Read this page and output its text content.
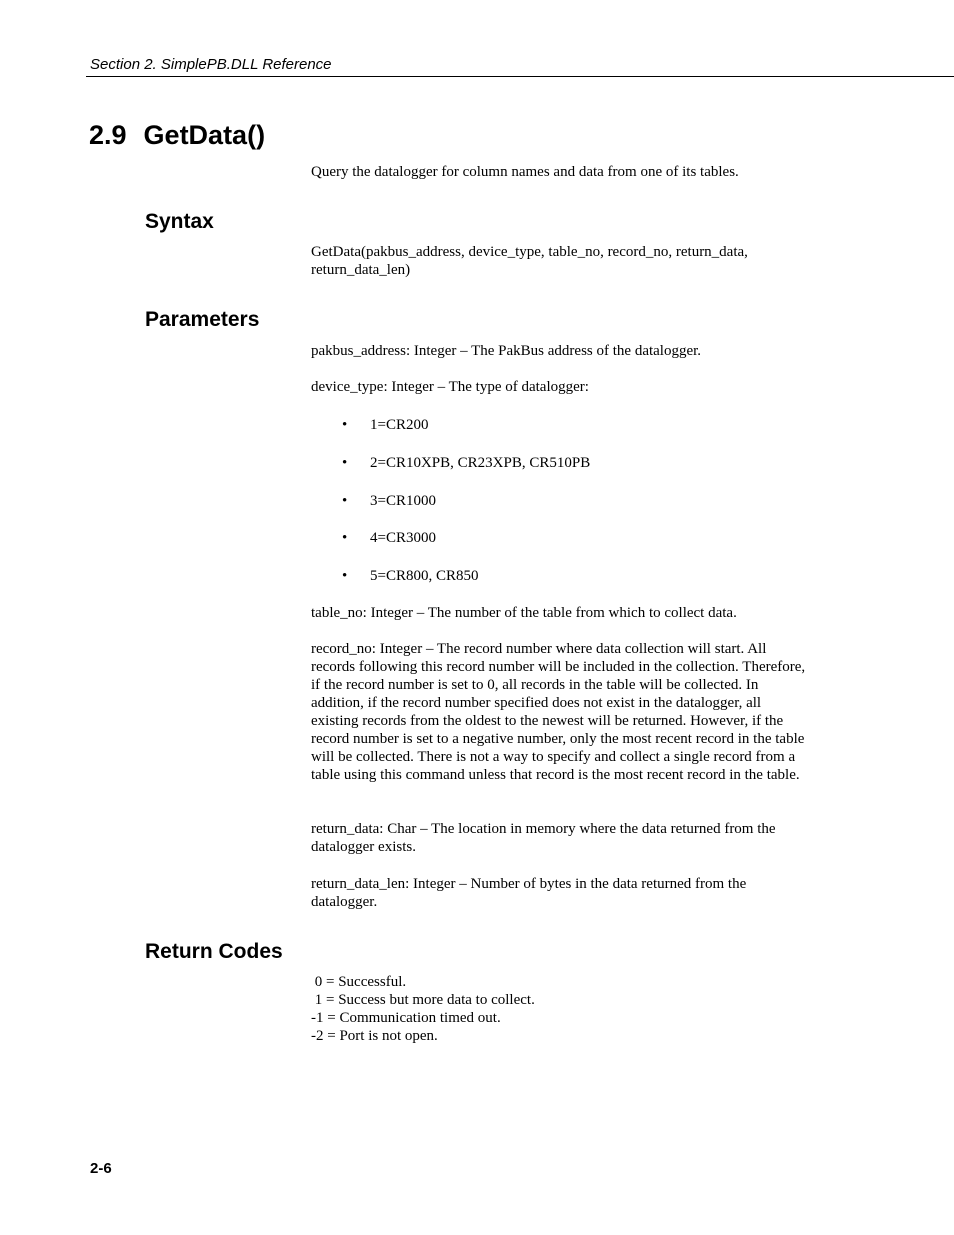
Section 2. SimplePB.DLL Reference
2.9 GetData()

Query the datalogger for column names and data from one of its tables.

Syntax

GetData(pakbus_address, device_type, table_no, record_no, return_data, return_data_len)

Parameters

pakbus_address: Integer – The PakBus address of the datalogger.

device_type: Integer – The type of datalogger:

• 1=CR200
• 2=CR10XPB, CR23XPB, CR510PB
• 3=CR1000
• 4=CR3000
• 5=CR800, CR850

table_no: Integer – The number of the table from which to collect data.

record_no: Integer – The record number where data collection will start. All records following this record number will be included in the collection. Therefore, if the record number is set to 0, all records in the table will be collected. In addition, if the record number specified does not exist in the datalogger, all existing records from the oldest to the newest will be returned. However, if the record number is set to a negative number, only the most recent record in the table will be collected. There is not a way to specify and collect a single record from a table using this command unless that record is the most recent record in the table.

return_data: Char – The location in memory where the data returned from the datalogger exists.

return_data_len: Integer – Number of bytes in the data returned from the datalogger.

Return Codes
0 = Successful.
1 = Success but more data to collect.
-1 = Communication timed out.
-2 = Port is not open.
2-6
